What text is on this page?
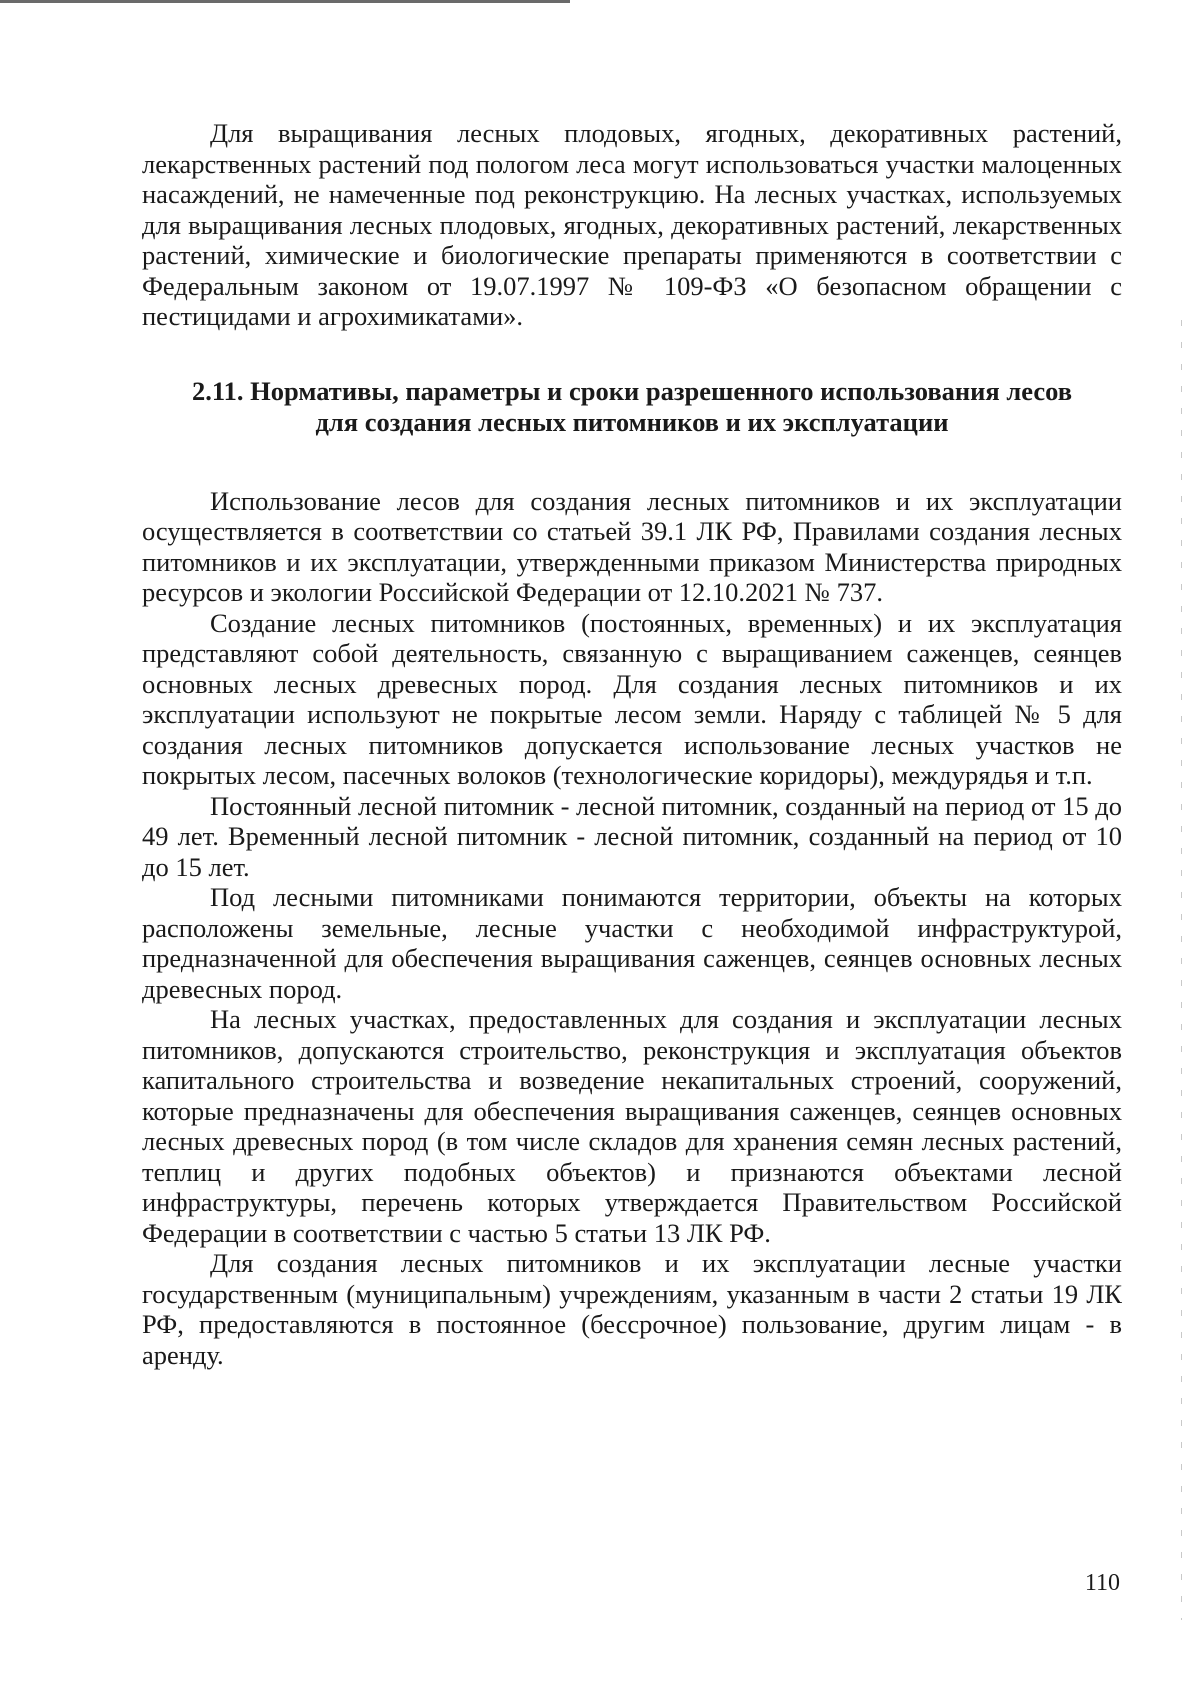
Для выращивания лесных плодовых, ягодных, декоративных растений, лекарственных растений под пологом леса могут использоваться участки малоценных насаждений, не намеченные под реконструкцию. На лесных участках, используемых для выращивания лесных плодовых, ягодных, декоративных растений, лекарственных растений, химические и биологические препараты применяются в соответствии с Федеральным законом от 19.07.1997 № 109-ФЗ «О безопасном обращении с пестицидами и агрохимикатами».

2.11. Нормативы, параметры и сроки разрешенного использования лесов
для создания лесных питомников и их эксплуатации

Использование лесов для создания лесных питомников и их эксплуатации осуществляется в соответствии со статьей 39.1 ЛК РФ, Правилами создания лесных питомников и их эксплуатации, утвержденными приказом Министерства природных ресурсов и экологии Российской Федерации от 12.10.2021 № 737.

Создание лесных питомников (постоянных, временных) и их эксплуатация представляют собой деятельность, связанную с выращиванием саженцев, сеянцев основных лесных древесных пород. Для создания лесных питомников и их эксплуатации используют не покрытые лесом земли. Наряду с таблицей № 5 для создания лесных питомников допускается использование лесных участков не покрытых лесом, пасечных волоков (технологические коридоры), междурядья и т.п.

Постоянный лесной питомник - лесной питомник, созданный на период от 15 до 49 лет. Временный лесной питомник - лесной питомник, созданный на период от 10 до 15 лет.

Под лесными питомниками понимаются территории, объекты на которых расположены земельные, лесные участки с необходимой инфраструктурой, предназначенной для обеспечения выращивания саженцев, сеянцев основных лесных древесных пород.

На лесных участках, предоставленных для создания и эксплуатации лесных питомников, допускаются строительство, реконструкция и эксплуатация объектов капитального строительства и возведение некапитальных строений, сооружений, которые предназначены для обеспечения выращивания саженцев, сеянцев основных лесных древесных пород (в том числе складов для хранения семян лесных растений, теплиц и других подобных объектов) и признаются объектами лесной инфраструктуры, перечень которых утверждается Правительством Российской Федерации в соответствии с частью 5 статьи 13 ЛК РФ.

Для создания лесных питомников и их эксплуатации лесные участки государственным (муниципальным) учреждениям, указанным в части 2 статьи 19 ЛК РФ, предоставляются в постоянное (бессрочное) пользование, другим лицам - в аренду.

110
